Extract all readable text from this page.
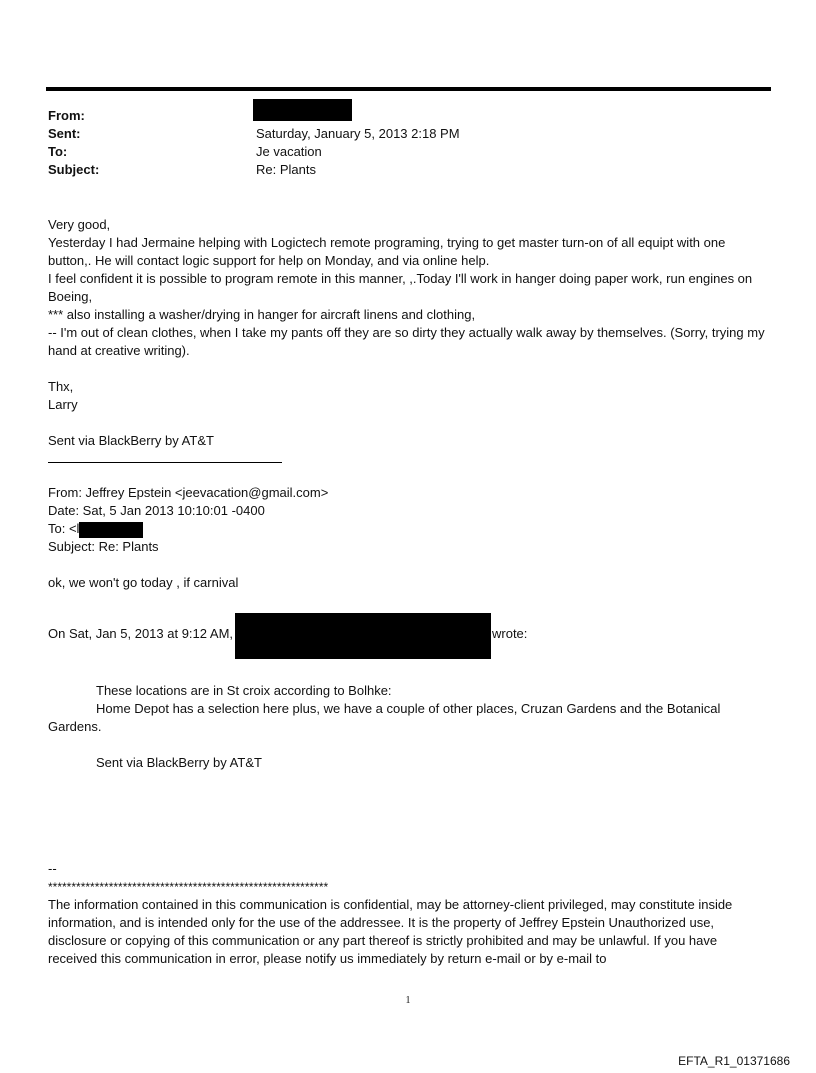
From:
Sent:	Saturday, January 5, 2013 2:18 PM
To:	Je vacation
Subject:	Re: Plants

Very good,

Yesterday I had Jermaine helping with Logictech remote programing, trying to get master turn-on of all equipt with one button,. He will contact logic support for help on Monday, and via online help.

I feel confident it is possible to program remote in this manner, ,.Today I'll work in hanger doing paper work, run engines on Boeing,

*** also installing a washer/drying in hanger for aircraft linens and clothing,

-- I'm out of clean clothes, when I take my pants off they are so dirty they actually walk away by themselves. (Sorry, trying my hand at creative writing).

Thx,

Larry

Sent via BlackBerry by AT&T

From: Jeffrey Epstein <jeevacation@gmail.com>

Date: Sat, 5 Jan 2013 10:10:01 -0400

To: <l

Subject: Re: Plants

ok, we won't go today , if carnival

On Sat, Jan 5, 2013 at 9:12 AM,	wrote:

These locations are in St croix according to Bolhke:

Home Depot has a selection here plus, we have a couple of other places, Cruzan Gardens and the Botanical Gardens.

Sent via BlackBerry by AT&T

--

************************************************************

The information contained in this communication is confidential, may be attorney-client privileged, may constitute inside information, and is intended only for the use of the addressee. It is the property of Jeffrey Epstein Unauthorized use, disclosure or copying of this communication or any part thereof is strictly prohibited and may be unlawful. If you have received this communication in error, please notify us immediately by return e-mail or by e-mail to

1
EFTA_R1_01371686
